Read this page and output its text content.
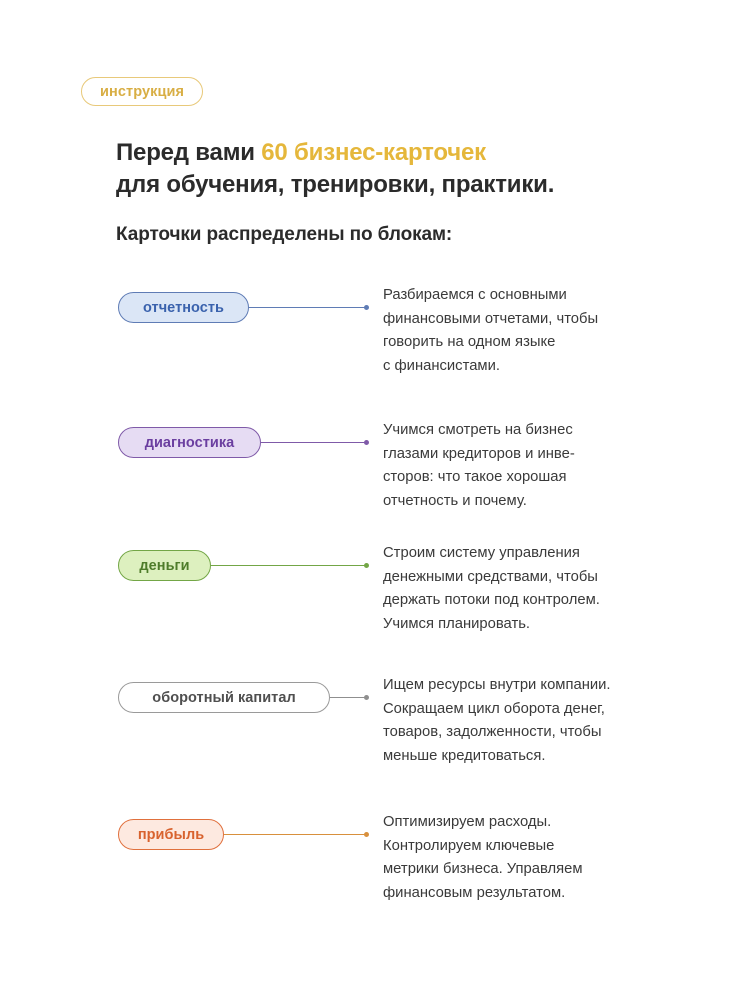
инструкция
Перед вами 60 бизнес-карточек
для обучения, тренировки, практики.
Карточки распределены по блокам:
отчетность
Разбираемся с основными
финансовыми отчетами, чтобы
говорить на одном языке
с финансистами.
диагностика
Учимся смотреть на бизнес
глазами кредиторов и инве-
сторов: что такое хорошая
отчетность и почему.
деньги
Строим систему управления
денежными средствами, чтобы
держать потоки под контролем.
Учимся планировать.
оборотный капитал
Ищем ресурсы внутри компании.
Сокращаем цикл оборота денег,
товаров, задолженности, чтобы
меньше кредитоваться.
прибыль
Оптимизируем расходы.
Контролируем ключевые
метрики бизнеса. Управляем
финансовым результатом.
